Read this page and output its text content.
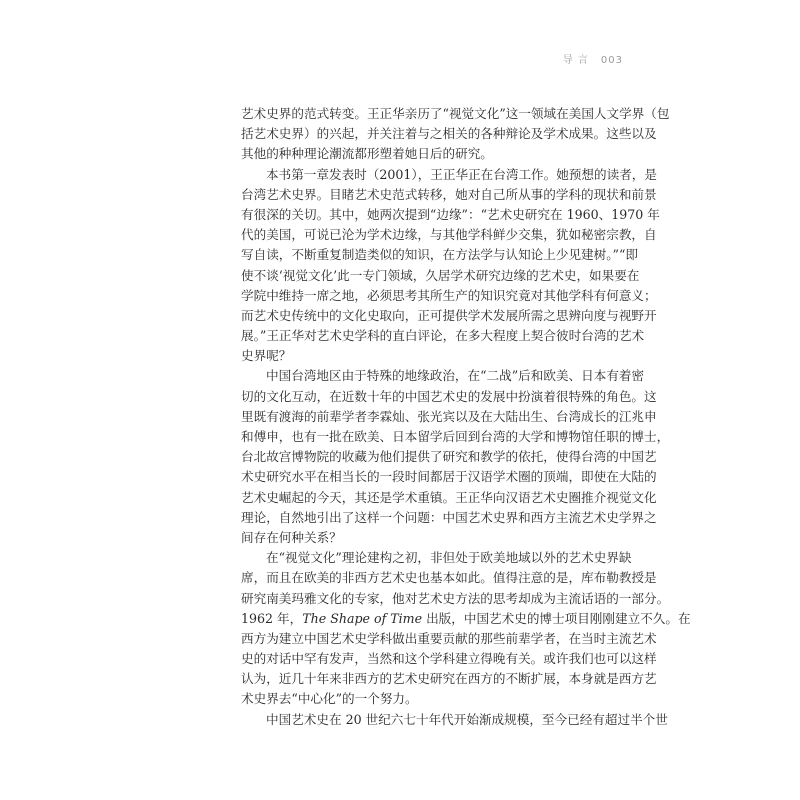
导 言 003
艺术史界的范式转变。王正华亲历了“视觉文化”这一领域在美国人文学界（包
括艺术史界）的兴起，并关注着与之相关的各种辩论及学术成果。这些以及
其他的种种理论潮流都形塑着她日后的研究。
本书第一章发表时（2001），王正华正在台湾工作。她预想的读者，是
台湾艺术史界。目睹艺术史范式转移，她对自己所从事的学科的现状和前景
有很深的关切。其中，她两次提到“边缘”：“艺术史研究在 1960、1970 年
代的美国，可说已沦为学术边缘，与其他学科鲜少交集，犹如秘密宗教，自
写自读，不断重复制造类似的知识，在方法学与认知论上少见建树。”“即
使不谈‘视觉文化’此一专门领域，久居学术研究边缘的艺术史，如果要在
学院中维持一席之地，必须思考其所生产的知识究竟对其他学科有何意义；
而艺术史传统中的文化史取向，正可提供学术发展所需之思辨向度与视野开
展。”王正华对艺术史学科的直白评论，在多大程度上契合彼时台湾的艺术
史界呢？
中国台湾地区由于特殊的地缘政治，在“二战”后和欧美、日本有着密
切的文化互动，在近数十年的中国艺术史的发展中扮演着很特殊的角色。这
里既有渡海的前辈学者李霖灿、张光宾以及在大陆出生、台湾成长的江兆申
和傅申，也有一批在欧美、日本留学后回到台湾的大学和博物馆任职的博士，
台北故宫博物院的收藏为他们提供了研究和教学的依托，使得台湾的中国艺
术史研究水平在相当长的一段时间都居于汉语学术圈的顶端，即使在大陆的
艺术史崛起的今天，其还是学术重镇。王正华向汉语艺术史圈推介视觉文化
理论，自然地引出了这样一个问题：中国艺术史界和西方主流艺术史学界之
间存在何种关系？
在“视觉文化”理论建构之初，非但处于欧美地域以外的艺术史界缺
席，而且在欧美的非西方艺术史也基本如此。值得注意的是，库布勒教授是
研究南美玛雅文化的专家，他对艺术史方法的思考却成为主流话语的一部分。
1962 年，The Shape of Time 出版，中国艺术史的博士项目刚刚建立不久。在
西方为建立中国艺术史学科做出重要贡献的那些前辈学者，在当时主流艺术
史的对话中罕有发声，当然和这个学科建立得晚有关。或许我们也可以这样
认为，近几十年来非西方的艺术史研究在西方的不断扩展，本身就是西方艺
术史界去“中心化”的一个努力。
中国艺术史在 20 世纪六七十年代开始渐成规模，至今已经有超过半个世
